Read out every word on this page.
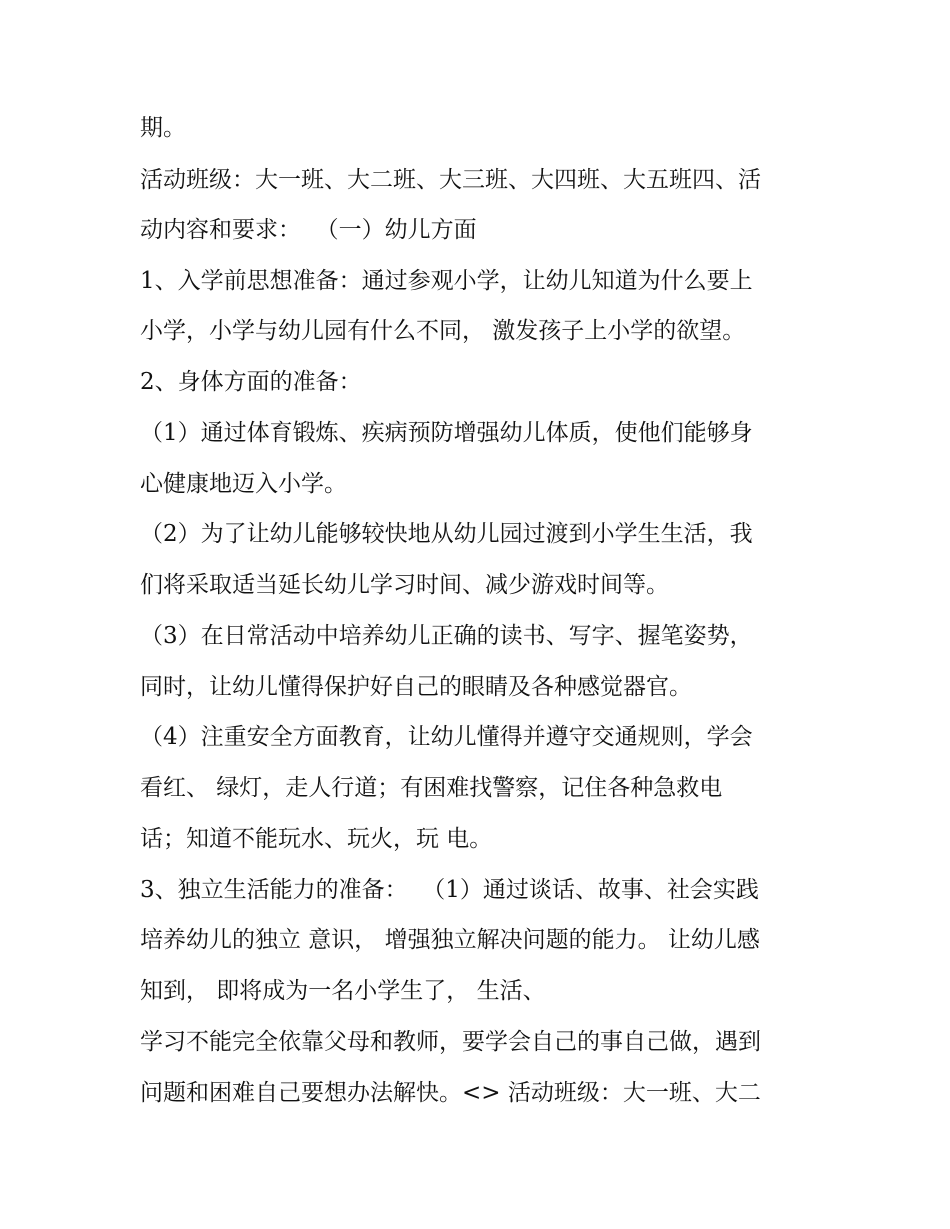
期。

活动班级：大一班、大二班、大三班、大四班、大五班四、活

动内容和要求：  （一）幼儿方面

1、入学前思想准备：通过参观小学，让幼儿知道为什么要上

小学，小学与幼儿园有什么不同， 激发孩子上小学的欲望。

2、身体方面的准备：

（1）通过体育锻炼、疾病预防增强幼儿体质，使他们能够身

心健康地迈入小学。

（2）为了让幼儿能够较快地从幼儿园过渡到小学生生活，我

们将采取适当延长幼儿学习时间、减少游戏时间等。

（3）在日常活动中培养幼儿正确的读书、写字、握笔姿势，

同时，让幼儿懂得保护好自己的眼睛及各种感觉器官。

（4）注重安全方面教育，让幼儿懂得并遵守交通规则，学会

看红、 绿灯，走人行道；有困难找警察，记住各种急救电

话；知道不能玩水、玩火，玩 电。

3、独立生活能力的准备：  （1）通过谈话、故事、社会实践

培养幼儿的独立 意识， 增强独立解决问题的能力。 让幼儿感

知到， 即将成为一名小学生了， 生活、

学习不能完全依靠父母和教师，要学会自己的事自己做，遇到

问题和困难自己要想办法解快。<> 活动班级：大一班、大二
